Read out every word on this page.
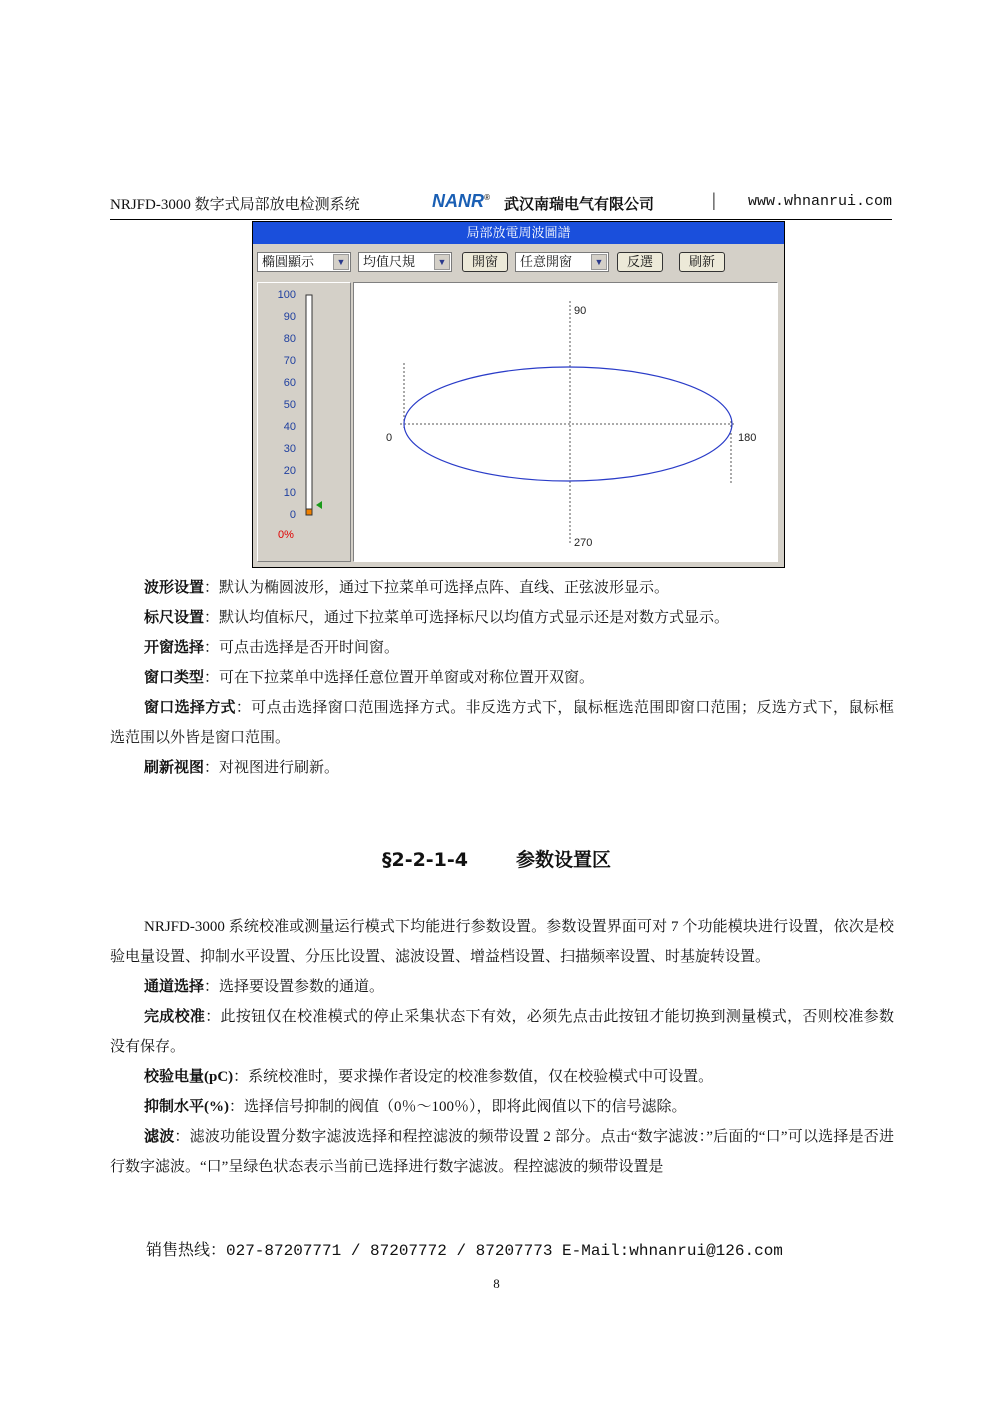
NRJFD-3000 数字式局部放电检测系统	NANR® 武汉南瑞电气有限公司	| www.whnanrui.com
局部放電周波圖譜
橢圓顯示	▼	均值尺規	▼	開窗	任意開窗	▼	反選	刷新
100
90
80
70
60
50
40
30
20
10
0
0%
90
0	180
270
波形设置：默认为椭圆波形，通过下拉菜单可选择点阵、直线、正弦波形显示。
标尺设置：默认均值标尺，通过下拉菜单可选择标尺以均值方式显示还是对数方式显示。
开窗选择：可点击选择是否开时间窗。
窗口类型：可在下拉菜单中选择任意位置开单窗或对称位置开双窗。
窗口选择方式：可点击选择窗口范围选择方式。非反选方式下，鼠标框选范围即窗口范围；反选方式下，鼠标框选范围以外皆是窗口范围。
刷新视图：对视图进行刷新。
§2-2-1-4	参数设置区
NRJFD-3000 系统校准或测量运行模式下均能进行参数设置。参数设置界面可对 7 个功能模块进行设置，依次是校验电量设置、抑制水平设置、分压比设置、滤波设置、增益档设置、扫描频率设置、时基旋转设置。
通道选择：选择要设置参数的通道。
完成校准：此按钮仅在校准模式的停止采集状态下有效，必须先点击此按钮才能切换到测量模式，否则校准参数没有保存。
校验电量(pC)：系统校准时，要求操作者设定的校准参数值，仅在校验模式中可设置。
抑制水平(%)：选择信号抑制的阀值（0％～100％），即将此阀值以下的信号滤除。
滤波：滤波功能设置分数字滤波选择和程控滤波的频带设置 2 部分。点击“数字滤波：”后面的“口”可以选择是否进行数字滤波。“口”呈绿色状态表示当前已选择进行数字滤波。程控滤波的频带设置是
销售热线：027-87207771 / 87207772 / 87207773 E-Mail:whnanrui@126.com
8
